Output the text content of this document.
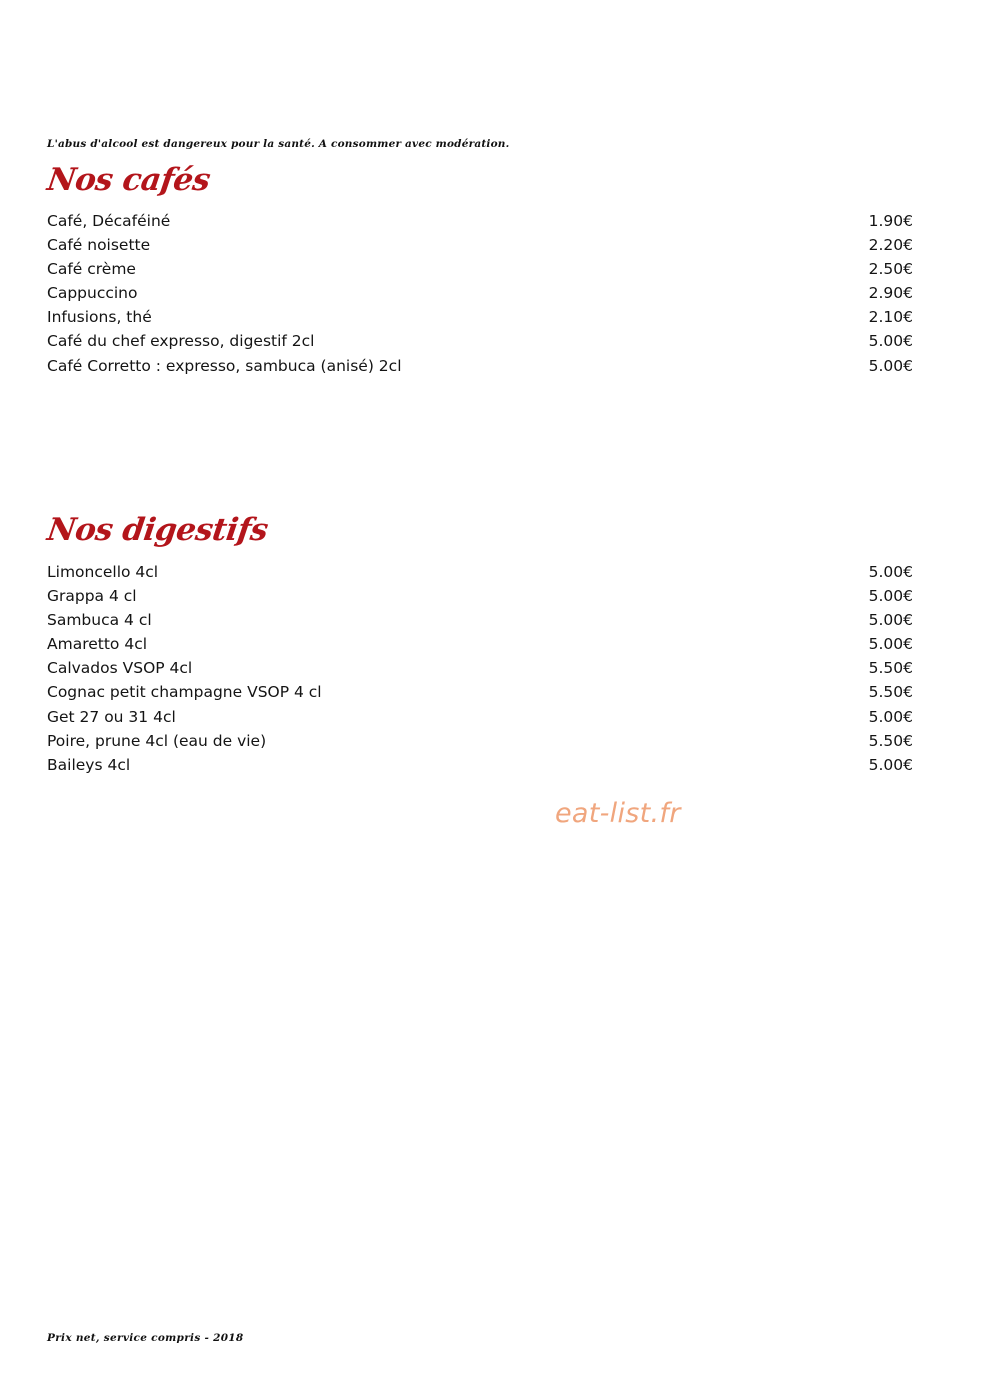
L'abus d'alcool est dangereux pour la santé. A consommer avec modération.
Nos cafés
Café, Décaféiné	1.90€
Café noisette	2.20€
Café crème	2.50€
Cappuccino	2.90€
Infusions, thé	2.10€
Café du chef expresso, digestif 2cl	5.00€
Café Corretto : expresso, sambuca (anisé) 2cl	5.00€
Nos digestifs
Limoncello 4cl	5.00€
Grappa 4 cl	5.00€
Sambuca 4 cl	5.00€
Amaretto 4cl	5.00€
Calvados VSOP 4cl	5.50€
Cognac petit champagne VSOP 4 cl	5.50€
Get 27 ou 31 4cl	5.00€
Poire, prune 4cl (eau de vie)	5.50€
Baileys 4cl	5.00€
eat-list.fr
Prix net, service compris - 2018
